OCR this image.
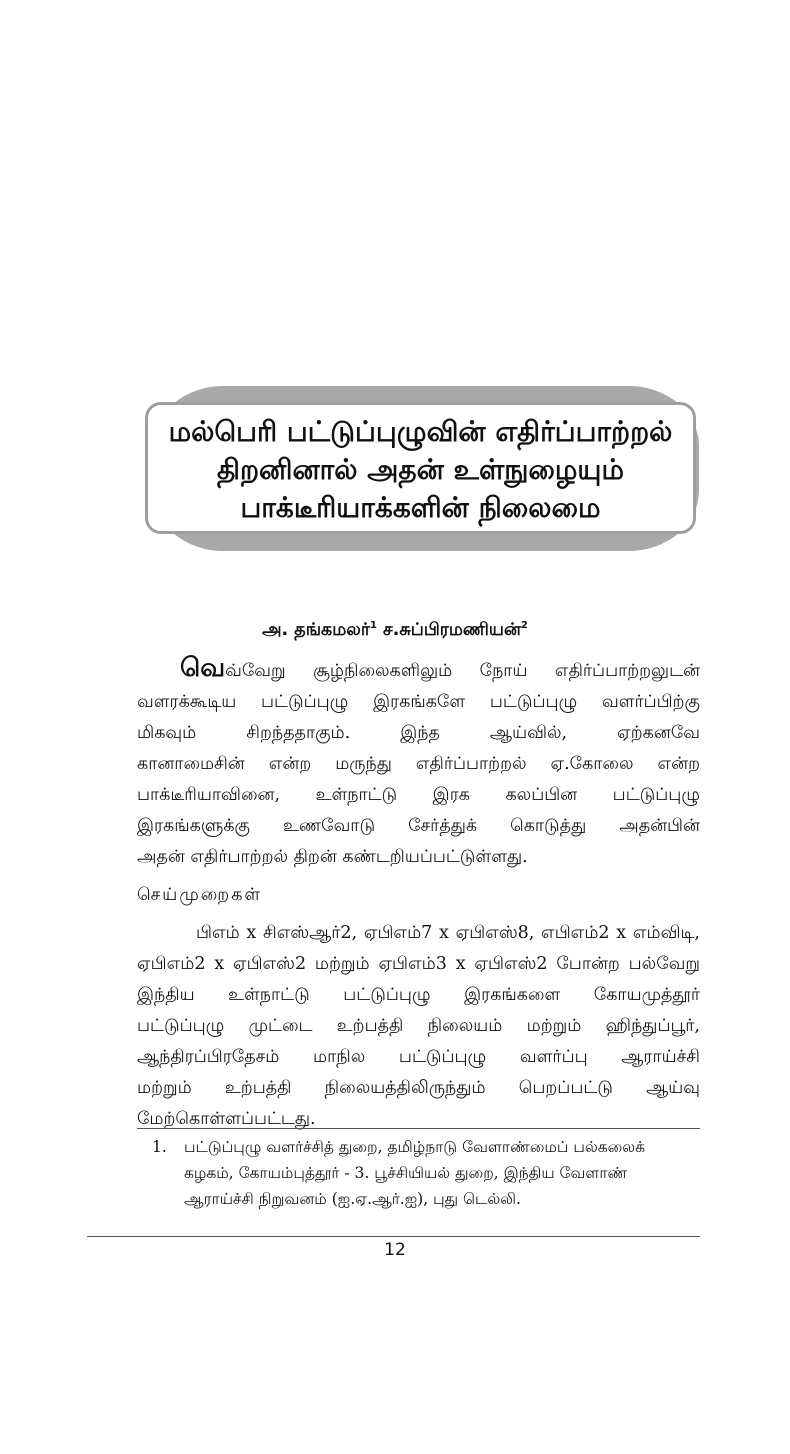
மல்பெரி பட்டுப்புழுவின் எதிர்ப்பாற்றல்
திறனினால் அதன் உள்நுழையும்
பாக்டீரியாக்களின் நிலைமை
அ. தங்கமலர்$^1$ ச.சுப்பிரமணியன்$^2$
வெவ்வேறு சூழ்நிலைகளிலும் நோய் எதிர்ப்பாற்றலுடன்
வளரக்கூடிய பட்டுப்புழு இரகங்களே பட்டுப்புழு வளர்ப்பிற்கு
மிகவும் சிறந்ததாகும். இந்த ஆய்வில், ஏற்கனவே
கானாமைசின் என்ற மருந்து எதிர்ப்பாற்றல் ஏ.கோலை என்ற
பாக்டீரியாவினை, உள்நாட்டு இரக கலப்பின பட்டுப்புழு
இரகங்களுக்கு உணவோடு சேர்த்துக் கொடுத்து அதன்பின்
அதன் எதிர்பாற்றல் திறன் கண்டறியப்பட்டுள்ளது.
செய்முறைகள்
பிஎம் x சிஎஸ்ஆர்2, ஏபிஎம்7 x ஏபிஎஸ்8, எபிஎம்2 x எம்விடி,
ஏபிஎம்2 x ஏபிஎஸ்2 மற்றும் ஏபிஎம்3 x ஏபிஎஸ்2 போன்ற பல்வேறு
இந்திய உள்நாட்டு பட்டுப்புழு இரகங்களை கோயமுத்தூர்
பட்டுப்புழு முட்டை உற்பத்தி நிலையம் மற்றும் ஹிந்துப்பூர்,
ஆந்திரப்பிரதேசம் மாநில பட்டுப்புழு வளர்ப்பு ஆராய்ச்சி
மற்றும் உற்பத்தி நிலையத்திலிருந்தும் பெறப்பட்டு ஆய்வு
மேற்கொள்ளப்பட்டது.
1. பட்டுப்புழு வளர்ச்சித் துறை, தமிழ்நாடு வேளாண்மைப் பல்கலைக்
கழகம், கோயம்புத்தூர் - 3. பூச்சியியல் துறை, இந்திய வேளாண்
ஆராய்ச்சி நிறுவனம் (ஐ.ஏ.ஆர்.ஐ), புது டெல்லி.
12
